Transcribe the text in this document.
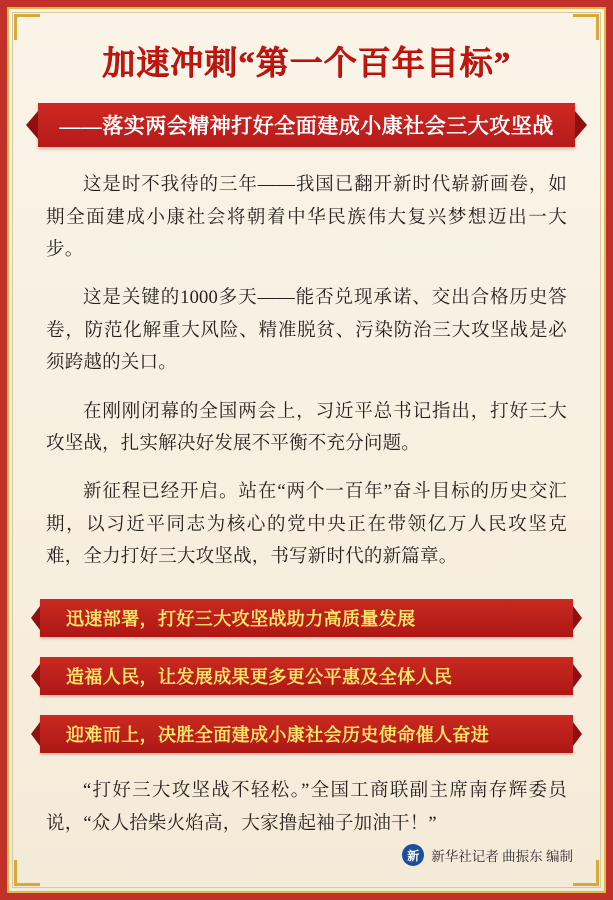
加速冲刺“第一个百年目标”
——落实两会精神打好全面建成小康社会三大攻坚战

这是时不我待的三年——我国已翻开新时代崭新画卷，如期全面建成小康社会将朝着中华民族伟大复兴梦想迈出一大步。

这是关键的1000多天——能否兑现承诺、交出合格历史答卷，防范化解重大风险、精准脱贫、污染防治三大攻坚战是必须跨越的关口。

在刚刚闭幕的全国两会上，习近平总书记指出，打好三大攻坚战，扎实解决好发展不平衡不充分问题。

新征程已经开启。站在“两个一百年”奋斗目标的历史交汇期，以习近平同志为核心的党中央正在带领亿万人民攻坚克难，全力打好三大攻坚战，书写新时代的新篇章。

迅速部署，打好三大攻坚战助力高质量发展
造福人民，让发展成果更多更公平惠及全体人民
迎难而上，决胜全面建成小康社会历史使命催人奋进

“打好三大攻坚战不轻松。”全国工商联副主席南存辉委员说，“众人拾柴火焰高，大家撸起袖子加油干！”

新 新华社记者 曲振东 编制
